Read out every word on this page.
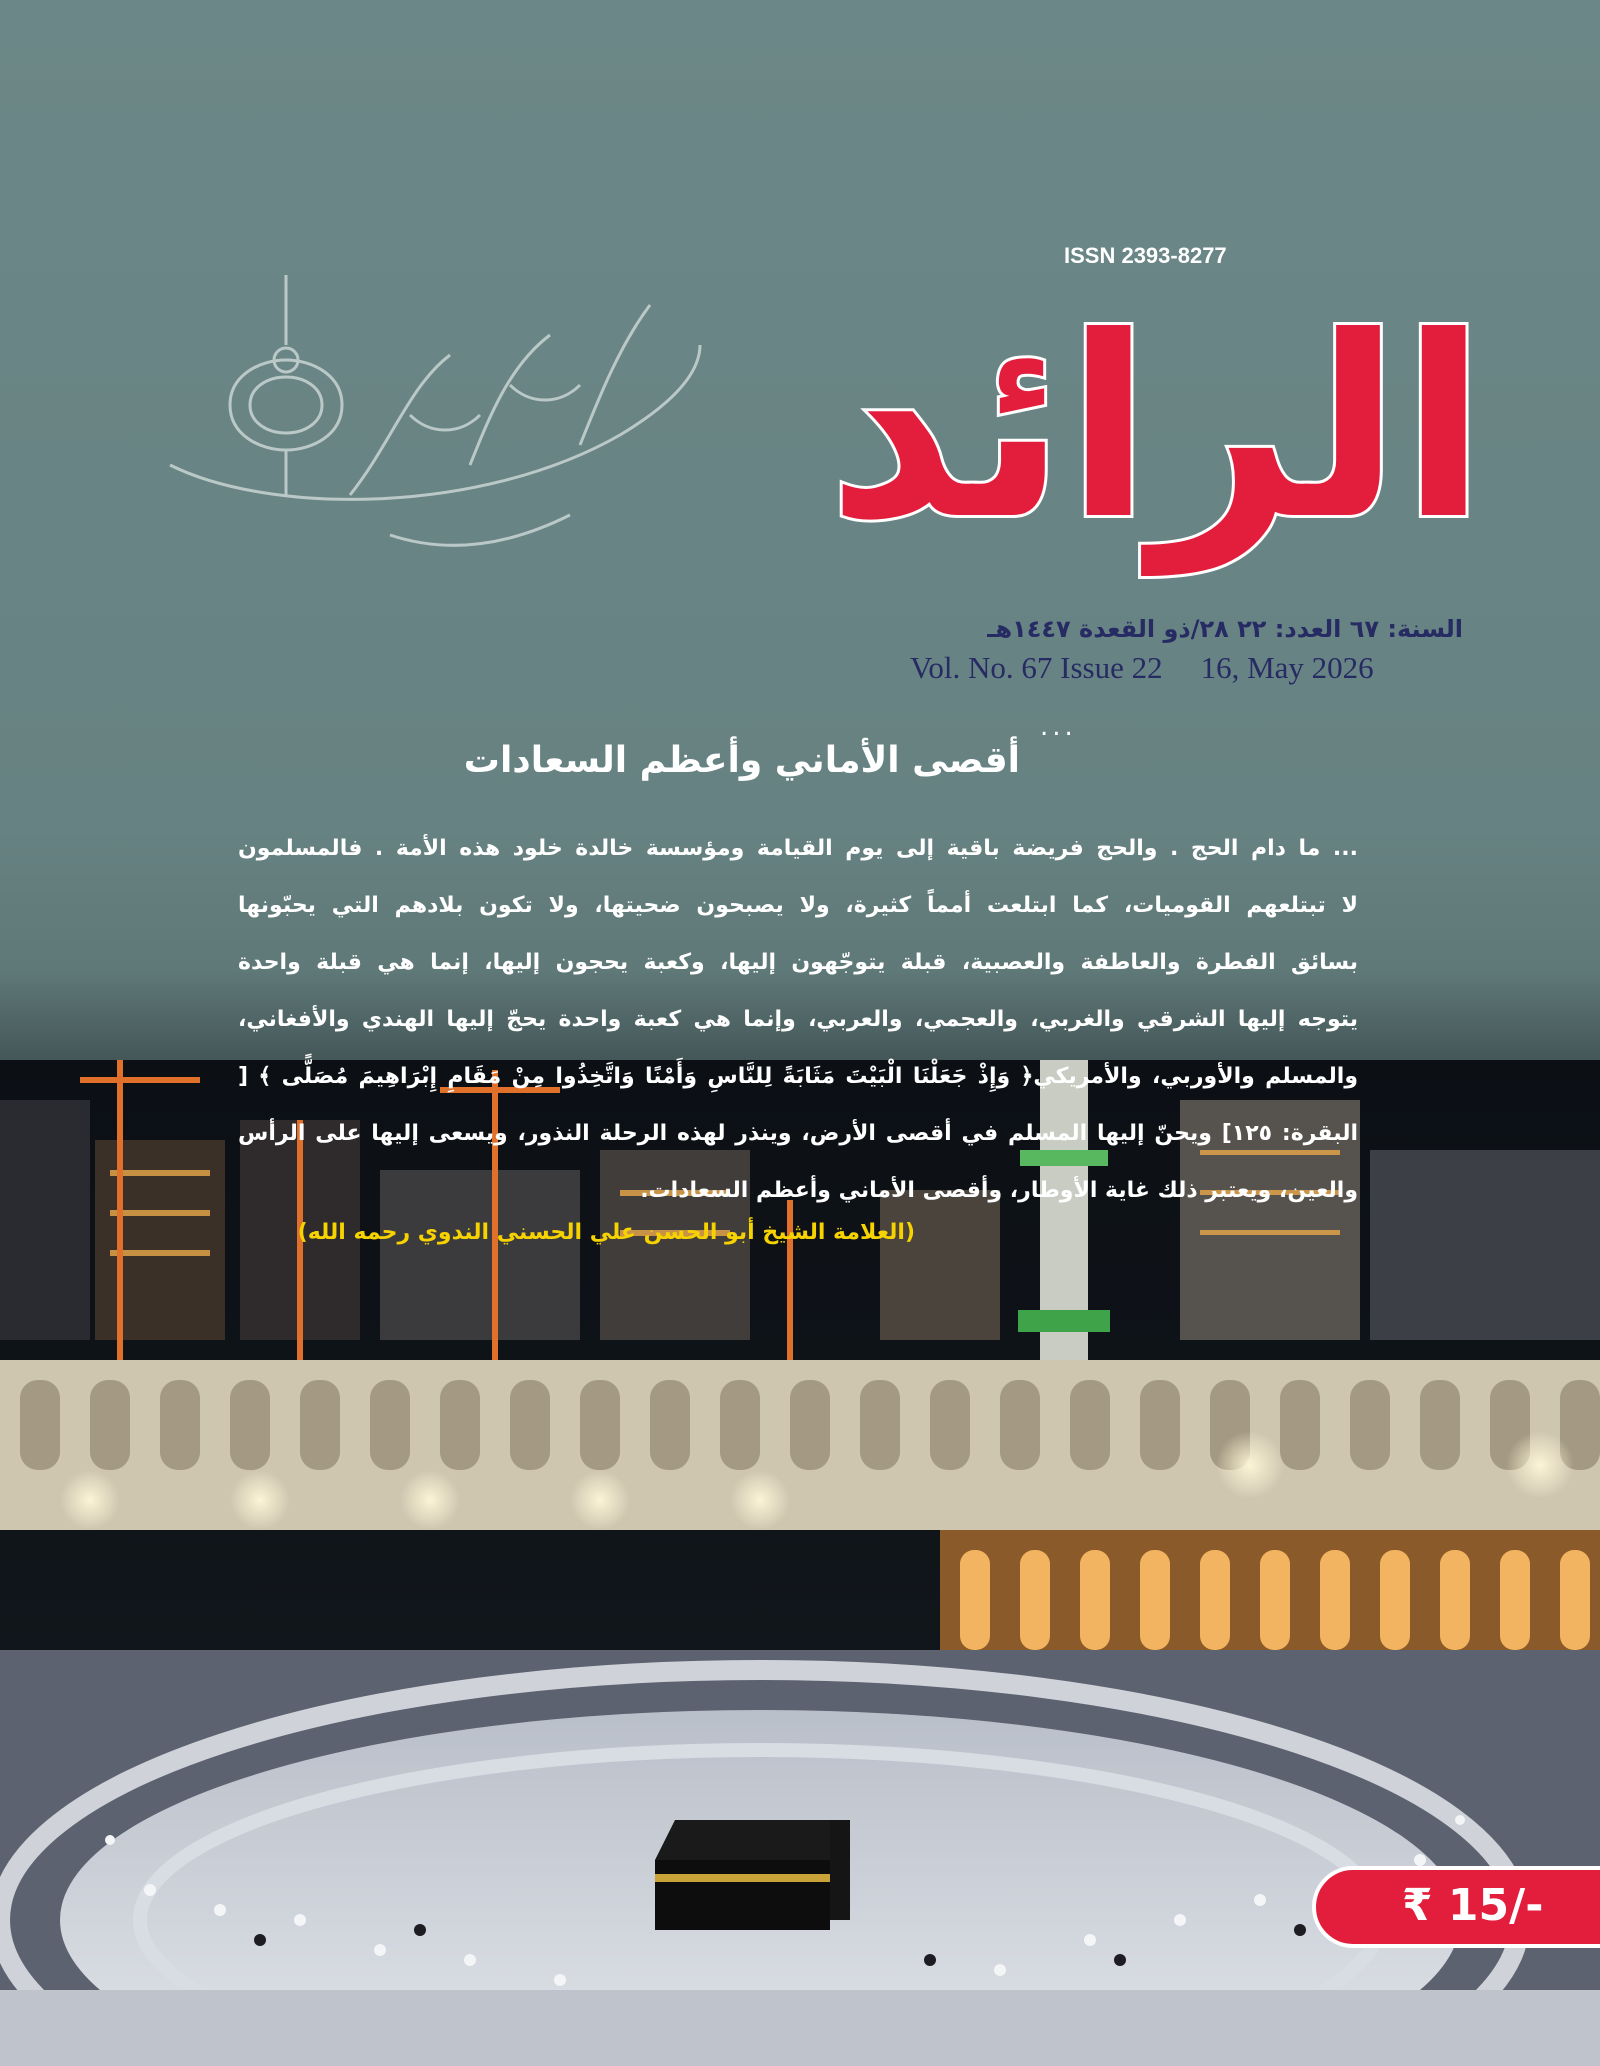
ISSN 2393-8277
الرائد
السنة: ٦٧ العدد: ٢٢ ٢٨/ذو القعدة ١٤٤٧هـ
Vol. No. 67 Issue 22 16, May 2026
...
أقصى الأماني وأعظم السعادات

... ما دام الحج . والحج فريضة باقية إلى يوم القيامة ومؤسسة خالدة خلود هذه الأمة . فالمسلمون

لا تبتلعهم القوميات، كما ابتلعت أمماً كثيرة، ولا يصبحون ضحيتها، ولا تكون بلادهم التي يحبّونها

بسائق الفطرة والعاطفة والعصبية، قبلة يتوجّهون إليها، وكعبة يحجون إليها، إنما هي قبلة واحدة

يتوجه إليها الشرقي والغربي، والعجمي، والعربي، وإنما هي كعبة واحدة يحجّ إليها الهندي والأفغاني،

والمسلم والأوربي، والأمريكي﴿ وَإِذْ جَعَلْنَا الْبَيْتَ مَثَابَةً لِلنَّاسِ وَأَمْنًا وَاتَّخِذُوا مِنْ مَقَامِ إِبْرَاهِيمَ مُصَلًّى ﴾ [

البقرة: ١٢٥] ويحنّ إليها المسلم في أقصى الأرض، وينذر لهذه الرحلة النذور، ويسعى إليها على الرأس

والعين، ويعتبر ذلك غاية الأوطار، وأقصى الأماني وأعظم السعادات.

(العلامة الشيخ أبو الحسن علي الحسني الندوي رحمه الله)
₹ 15/-
